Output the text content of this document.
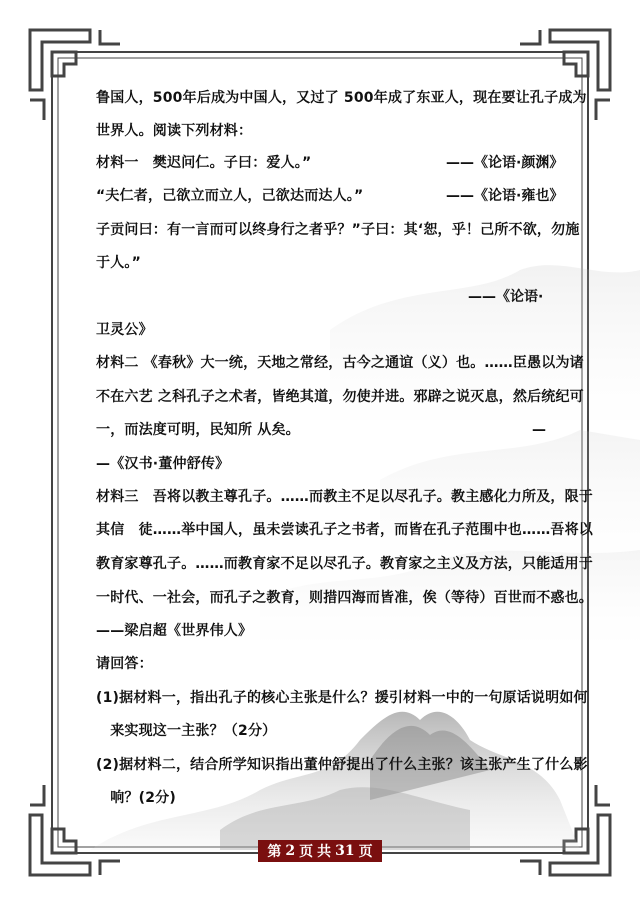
鲁国人，500年后成为中国人，又过了 500年成了东亚人，现在要让孔子成为
世界人。阅读下列材料：
材料一　樊迟问仁。子曰：爱人。”	——《论语·颜渊》
“夫仁者，己欲立而立人，己欲达而达人。”	——《论语·雍也》
子贡问曰：有一言而可以终身行之者乎？”子曰：其‘恕，乎！己所不欲，勿施
于人。”
——《论语·
卫灵公》
材料二 《春秋》大一统，天地之常经，古今之通谊（义）也。……臣愚以为诸
不在六艺 之科孔子之术者，皆绝其道，勿使并进。邪辟之说灭息，然后统纪可
一，而法度可明，民知所 从矣。	—
—《汉书·董仲舒传》
材料三　吾将以教主尊孔子。……而教主不足以尽孔子。教主感化力所及，限于
其信　徒……举中国人，虽未尝读孔子之书者，而皆在孔子范围中也……吾将以
教育家尊孔子。……而教育家不足以尽孔子。教育家之主义及方法，只能适用于
一时代、一社会，而孔子之教育，则措四海而皆准，俟（等待）百世而不惑也。
——梁启超《世界伟人》
请回答：
(1)据材料一，指出孔子的核心主张是什么？援引材料一中的一句原话说明如何
　来实现这一主张？（2分）
(2)据材料二，结合所学知识指出董仲舒提出了什么主张？该主张产生了什么影
　响？(2分)
第 2 页 共 31 页
